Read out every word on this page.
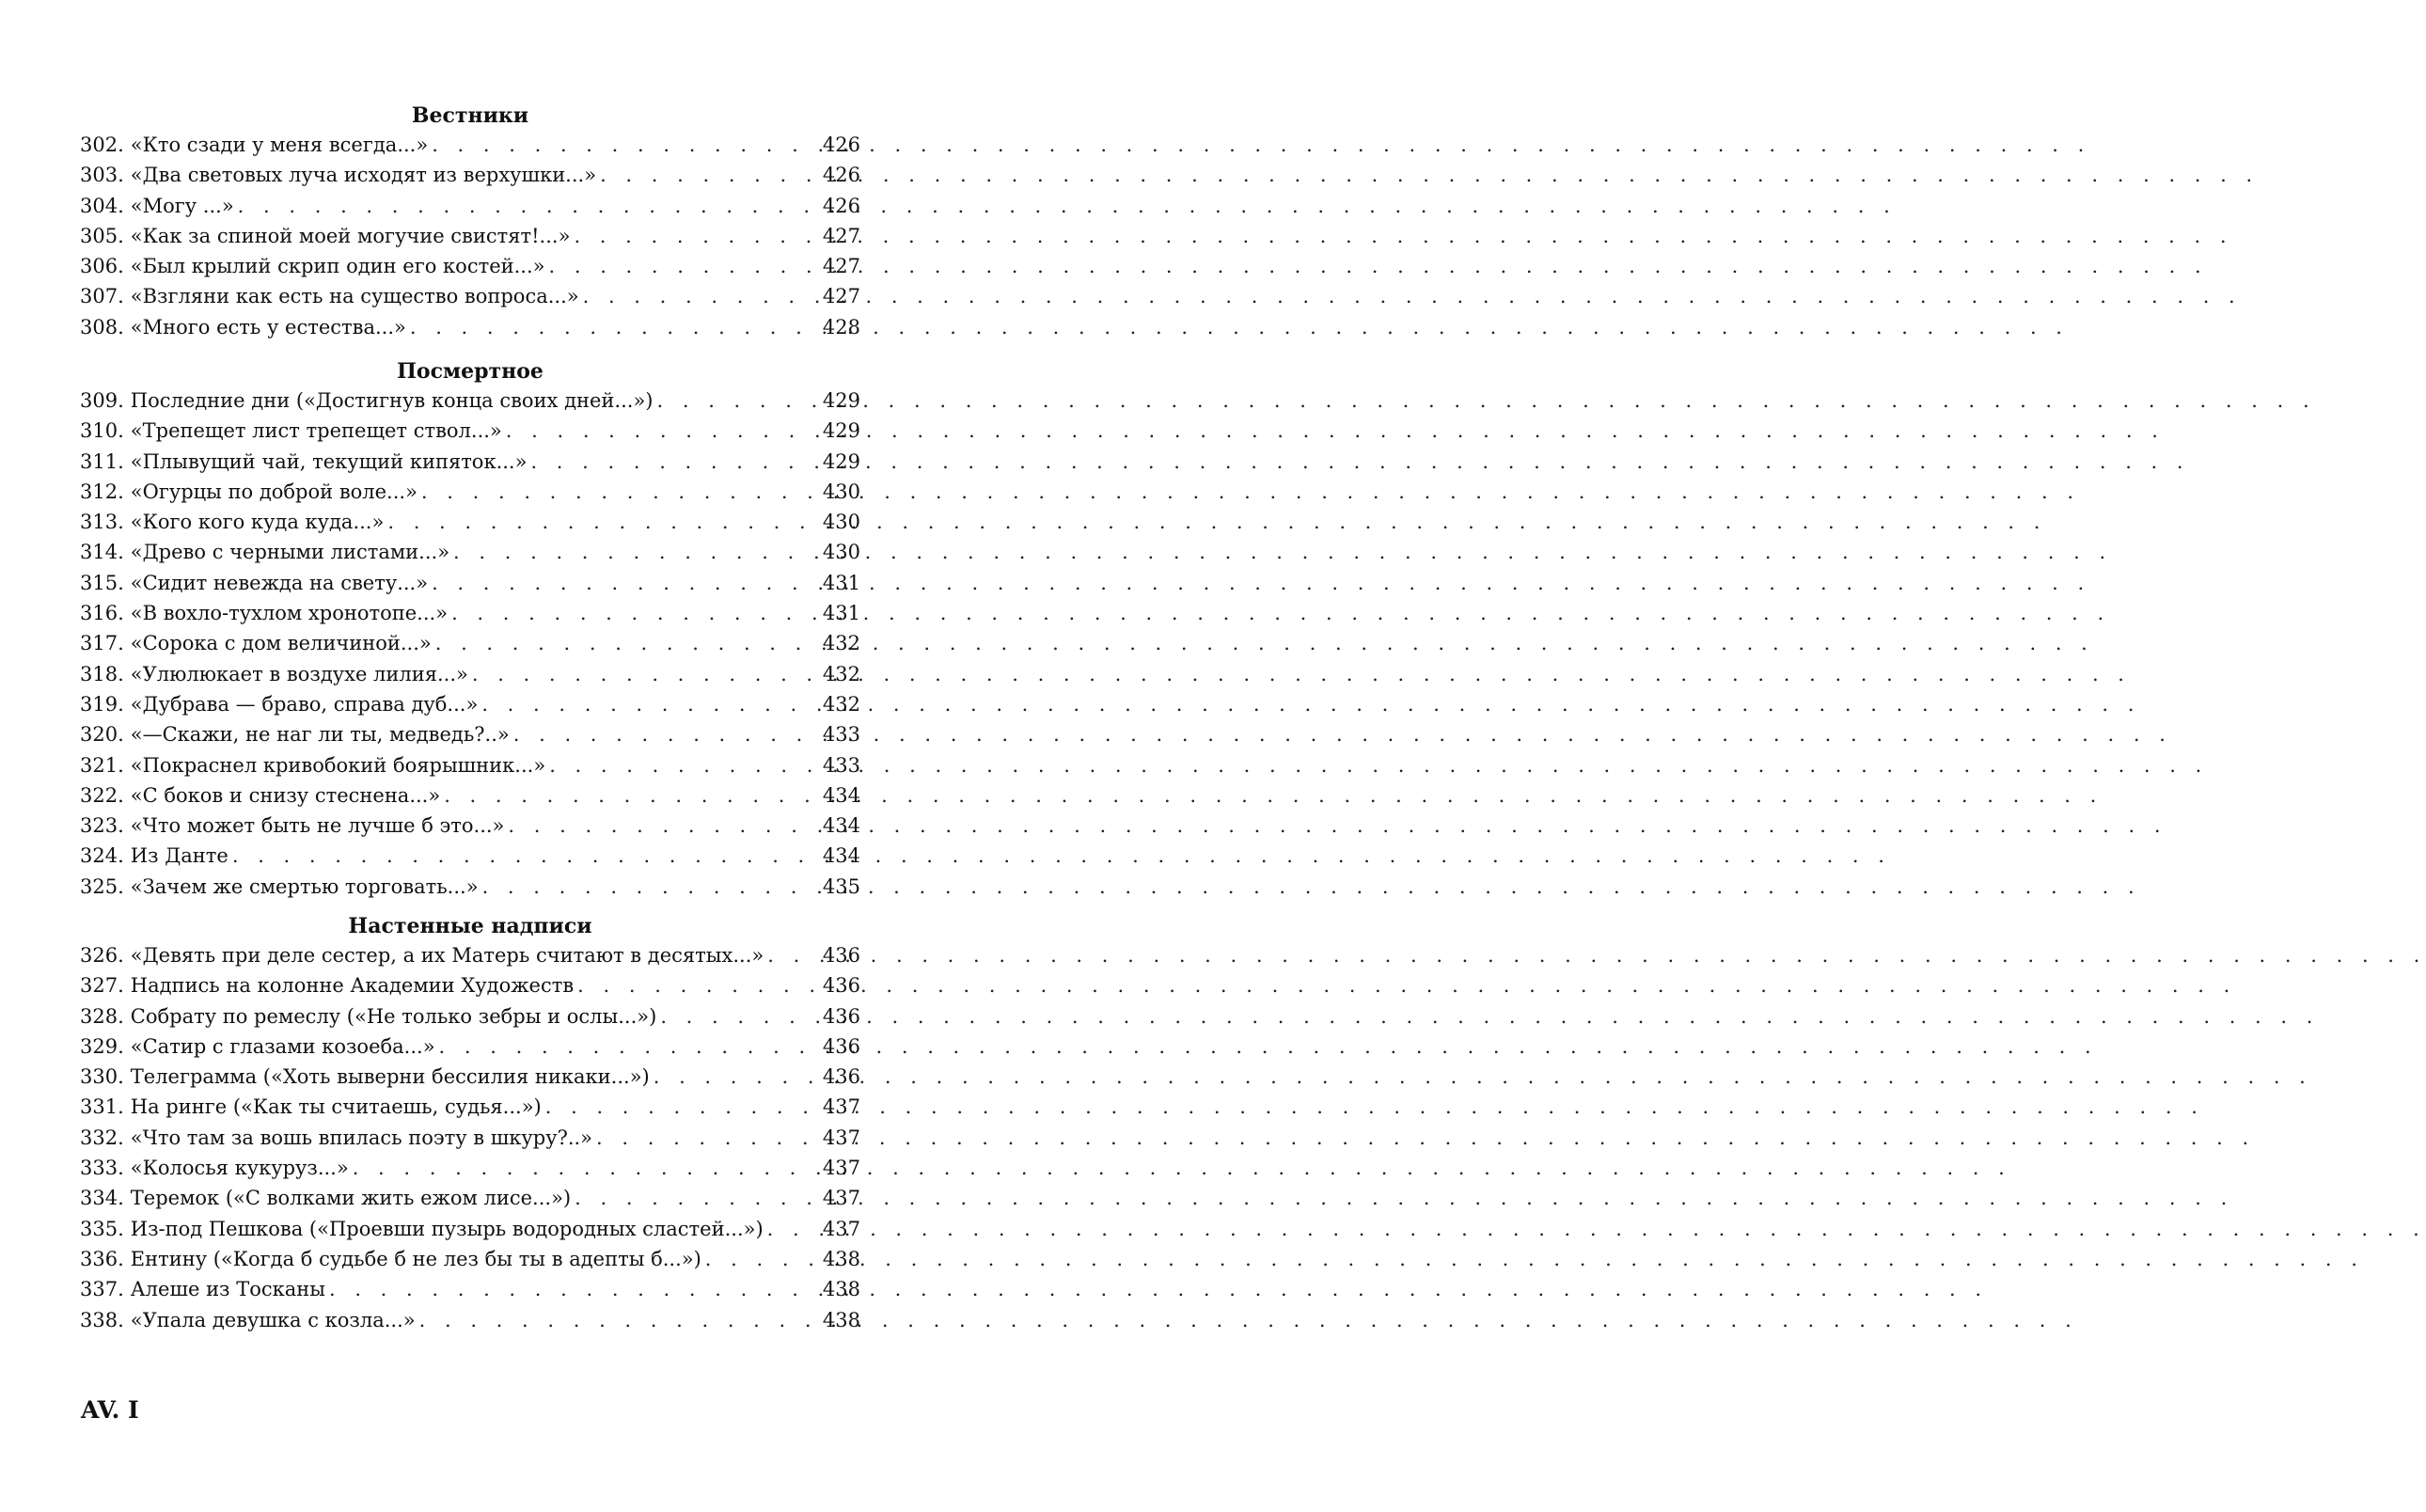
Вестники
302. «Кто сзади у меня всегда...» . . .	426
303. «Два световых луча исходят из верхушки...» . . .	426
304. «Могу ...» . . .	426
305. «Как за спиной моей могучие свистят!...» . . .	427
306. «Был крылий скрип один его костей...» . . .	427
307. «Взгляни как есть на существо вопроса...» . . .	427
308. «Много есть у естества...» . . .	428
Посмертное
309. Последние дни («Достигнув конца своих дней...») . . .	429
310. «Трепещет лист трепещет ствол...» . . .	429
311. «Плывущий чай, текущий кипяток...» . . .	429
312. «Огурцы по доброй воле...» . . .	430
313. «Кого кого куда куда...» . . .	430
314. «Древо с черными листами...» . . .	430
315. «Сидит невежда на свету...» . . .	431
316. «В вохло-тухлом хронотопе...» . . .	431
317. «Сорока с дом величиной...» . . .	432
318. «Улюлюкает в воздухе лилия...» . . .	432
319. «Дубрава — браво, справа дуб...» . . .	432
320. «—Скажи, не наг ли ты, медведь?..» . . .	433
321. «Покраснел кривобокий боярышник...» . . .	433
322. «С боков и снизу стеснена...» . . .	434
323. «Что может быть не лучше б это...» . . .	434
324. Из Данте . . .	434
325. «Зачем же смертью торговать...» . . .	435
Настенные надписи
326. «Девять при деле сестер, а их Матерь считают в десятых...» . . .	436
327. Надпись на колонне Академии Художеств . . .	436
328. Собрату по ремеслу («Не только зебры и ослы...») . . .	436
329. «Сатир с глазами козоеба...» . . .	436
330. Телеграмма («Хоть выверни бессилия никаки...») . . .	436
331. На ринге («Как ты считаешь, судья...») . . .	437
332. «Что там за вошь впилась поэту в шкуру?..» . . .	437
333. «Колосья кукуруз...» . . .	437
334. Теремок («С волками жить ежом лисе...») . . .	437
335. Из-под Пешкова («Проевши пузырь водородных сластей...») . . .	437
336. Ентину («Когда б судьбе б не лез бы ты в адепты б...») . . .	438
337. Алеше из Тосканы . . .	438
338. «Упала девушка с козла...» . . .	438
AV. I
